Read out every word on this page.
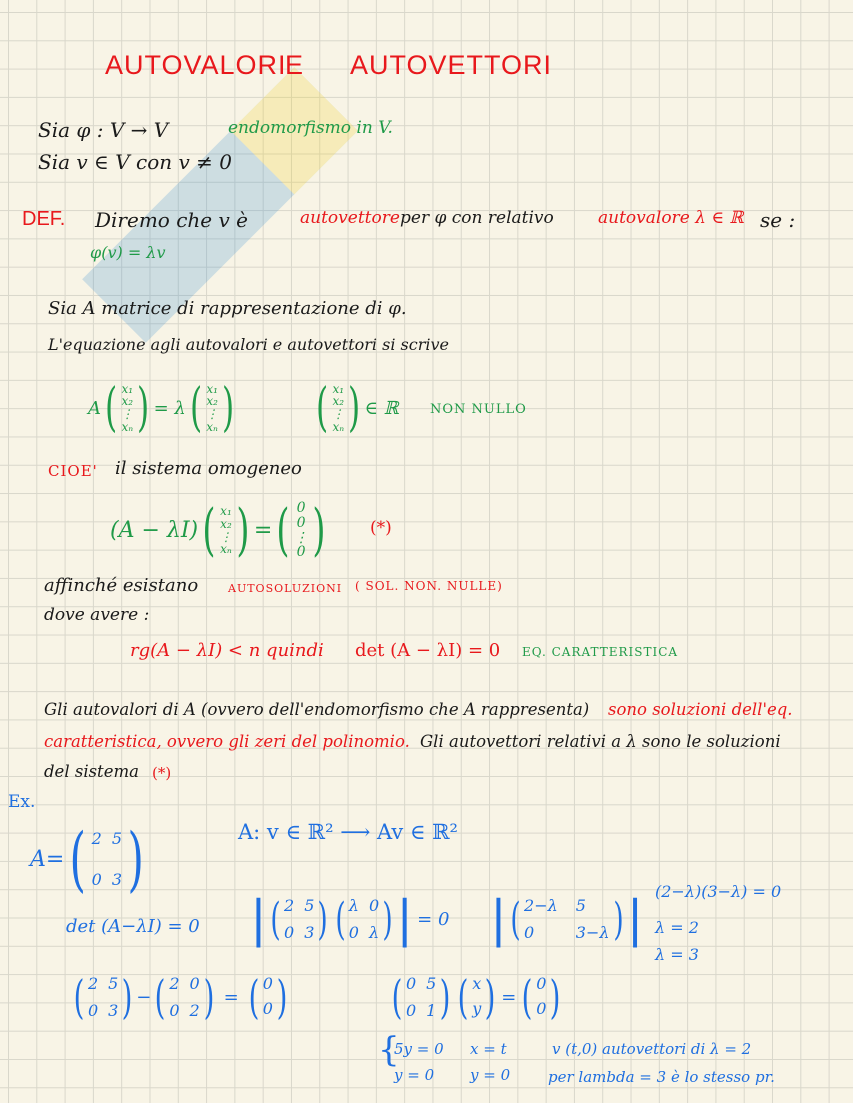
AUTOVALORI
E AUTOVETTORI
Sia φ : V → V	endomorfismo in V.
Sia v ∈ V con v ≠ 0
DEF. Diremo che v è	autovettore per φ con relativo	autovalore λ ∈ ℝ se :
φ(v) = λv
Sia A matrice di rappresentazione di φ.
L'equazione agli autovalori e autovettori si scrive
A ( x₁
x₂
⋮
xₙ ) = λ ( x₁
x₂
⋮
xₙ ) ( x₁
x₂
⋮
xₙ ) ∈ ℝ NON NULLO
CIOE' il sistema omogeneo
(A − λI) ( x₁
x₂
⋮
xₙ ) = ( 0
0
⋮
0 )	(*)
affinché esistano	AUTOSOLUZIONI ( SOL. NON. NULLE)
dove avere :
rg(A − λI) < n quindi det (A − λI) = 0 EQ. CARATTERISTICA
Gli autovalori di A (ovvero dell'endomorfismo che A rappresenta) sono soluzioni dell'eq.
caratteristica, ovvero gli zeri del polinomio. Gli autovettori relativi a λ sono le soluzioni
del sistema (*)
Ex.
A= ( 2 5
0 3 )	A: v ∈ ℝ² ⟶ Av ∈ ℝ²
det (A−λI) = 0 | ( 2 5
0 3 ) ( λ 0
0 λ ) | = 0 | ( 2−λ 5
0	3−λ ) | (2−λ)(3−λ) = 0
λ = 2
λ = 3
( 2 5
0 3 ) − ( 2 0
0 2 ) = ( 0
0 ) ( 0 5
0 1 ) ( x
y ) = ( 0
0 )
{
5y = 0
y = 0
x = t
y = 0
v (t,0) autovettori di λ = 2
per lambda = 3 è lo stesso pr.
